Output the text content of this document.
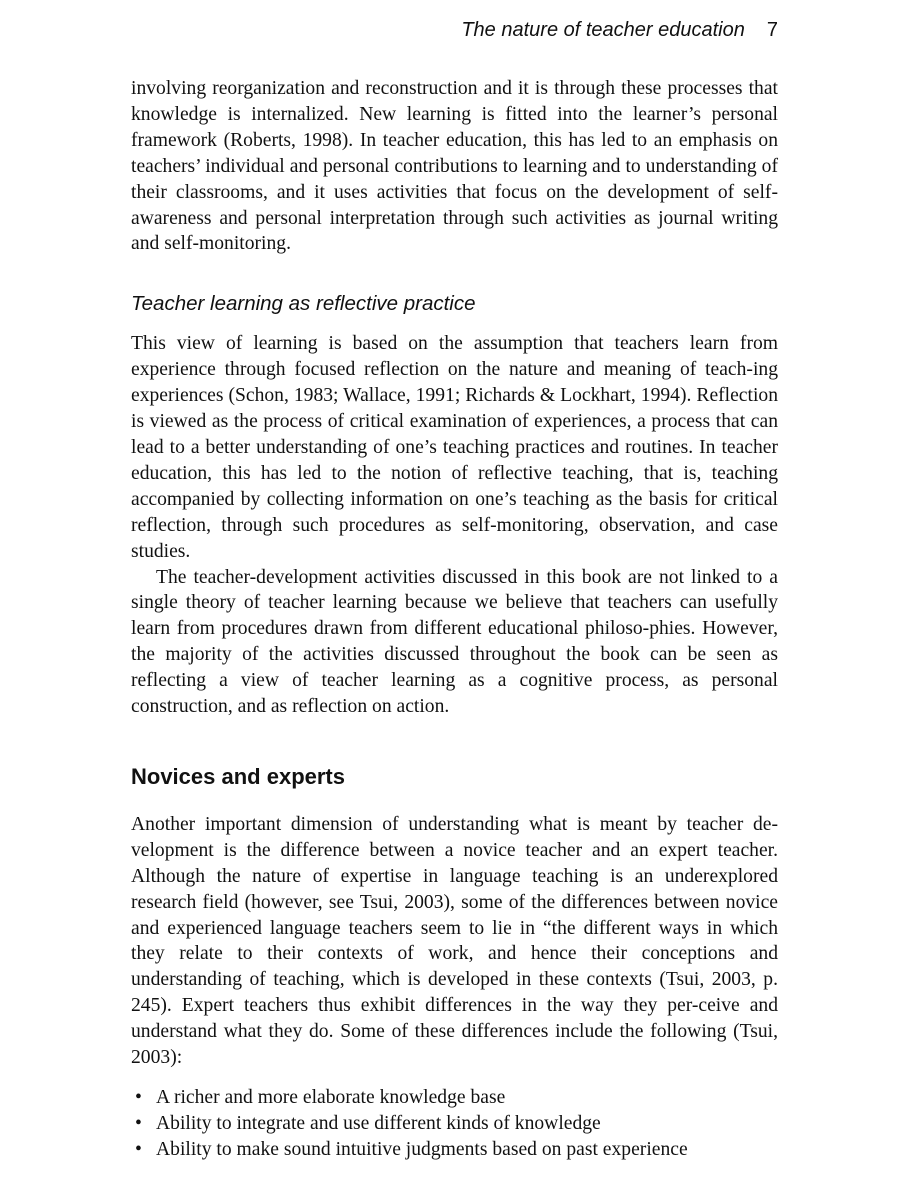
The nature of teacher education 7

involving reorganization and reconstruction and it is through these processes that knowledge is internalized. New learning is fitted into the learner’s personal framework (Roberts, 1998). In teacher education, this has led to an emphasis on teachers’ individual and personal contributions to learning and to understanding of their classrooms, and it uses activities that focus on the development of self-awareness and personal interpretation through such activities as journal writing and self-monitoring.

Teacher learning as reflective practice

This view of learning is based on the assumption that teachers learn from experience through focused reflection on the nature and meaning of teach-ing experiences (Schon, 1983; Wallace, 1991; Richards & Lockhart, 1994). Reflection is viewed as the process of critical examination of experiences, a process that can lead to a better understanding of one’s teaching practices and routines. In teacher education, this has led to the notion of reflective teaching, that is, teaching accompanied by collecting information on one’s teaching as the basis for critical reflection, through such procedures as self-monitoring, observation, and case studies.

The teacher-development activities discussed in this book are not linked to a single theory of teacher learning because we believe that teachers can usefully learn from procedures drawn from different educational philoso-phies. However, the majority of the activities discussed throughout the book can be seen as reflecting a view of teacher learning as a cognitive process, as personal construction, and as reflection on action.

Novices and experts

Another important dimension of understanding what is meant by teacher de-velopment is the difference between a novice teacher and an expert teacher. Although the nature of expertise in language teaching is an underexplored research field (however, see Tsui, 2003), some of the differences between novice and experienced language teachers seem to lie in “the different ways in which they relate to their contexts of work, and hence their conceptions and understanding of teaching, which is developed in these contexts (Tsui, 2003, p. 245). Expert teachers thus exhibit differences in the way they per-ceive and understand what they do. Some of these differences include the following (Tsui, 2003):

• A richer and more elaborate knowledge base
• Ability to integrate and use different kinds of knowledge
• Ability to make sound intuitive judgments based on past experience
